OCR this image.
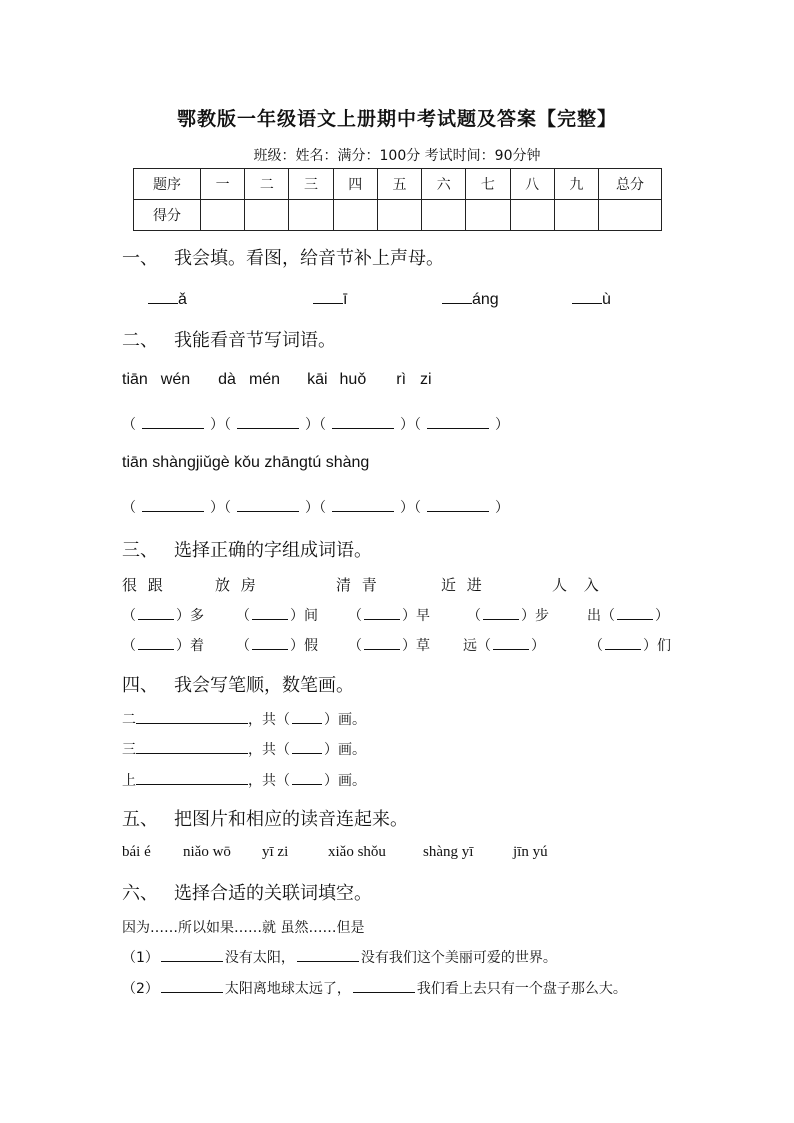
鄂教版一年级语文上册期中考试题及答案【完整】
班级：姓名：满分：100分 考试时间：90分钟
题序	一	二	三	四	五	六	七	八	九	总分
得分										
一、 我会填。看图，给音节补上声母。
ǎ	ī	áng	ù
二、 我能看音节写词语。
tiān wén dà mén kāi huǒ rì zi
（	）（	）（	）（	）
tiān shàngjiǔgè kǒu zhāngtú shàng
（	）（	）（	）（	）
三、 选择正确的字组成词语。
很 跟	放 房	清 青	近 进	人 入
（	）多 （	）间 （	）早	（	）步	出（	）
（	）着 （	）假 （	）草 远（	）	（	）们
四、 我会写笔顺，数笔画。
二	，共（ ）画。
三	，共（ ）画。
上	，共（ ）画。
五、 把图片和相应的读音连起来。
bái é niǎo wō yī zi	xiǎo shǒu shàng yī	jīn yú
六、 选择合适的关联词填空。
因为……所以如果……就 虽然……但是
（1）	没有太阳，	没有我们这个美丽可爱的世界。
（2）	太阳离地球太远了，	我们看上去只有一个盘子那么大。
